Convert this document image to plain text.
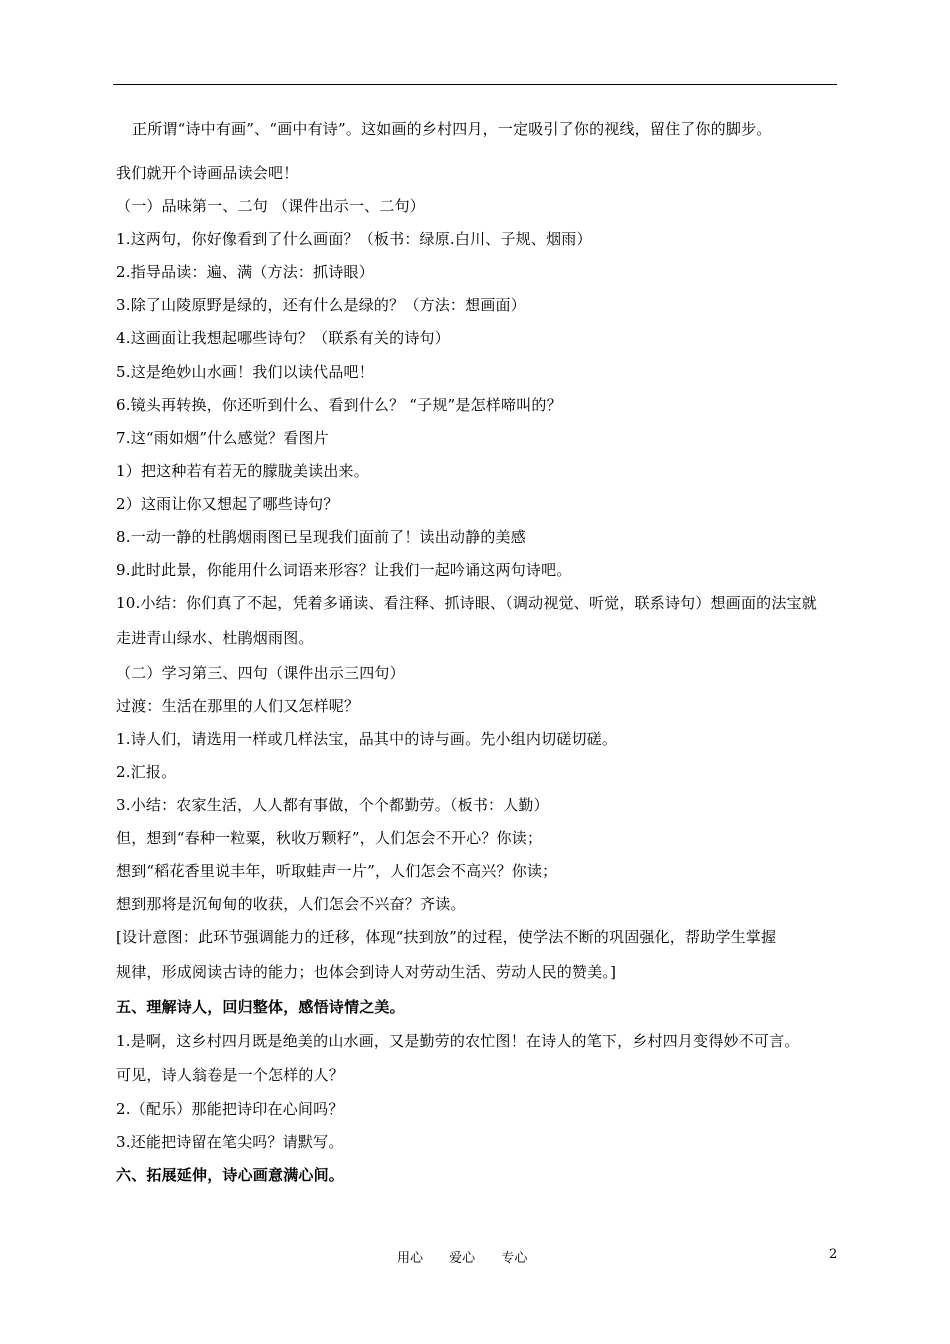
正所谓“诗中有画”、“画中有诗”。这如画的乡村四月，一定吸引了你的视线，留住了你的脚步。
我们就开个诗画品读会吧！
（一）品味第一、二句 （课件出示一、二句）
1.这两句，你好像看到了什么画面？（板书：绿原.白川、子规、烟雨）
2.指导品读：遍、满（方法：抓诗眼）
3.除了山陵原野是绿的，还有什么是绿的？（方法：想画面）
4.这画面让我想起哪些诗句？（联系有关的诗句）
5.这是绝妙山水画！我们以读代品吧！
6.镜头再转换，你还听到什么、看到什么？ “子规”是怎样啼叫的？
7.这“雨如烟”什么感觉？看图片
1）把这种若有若无的朦胧美读出来。
2）这雨让你又想起了哪些诗句？
8.一动一静的杜鹃烟雨图已呈现我们面前了！读出动静的美感
9.此时此景，你能用什么词语来形容？让我们一起吟诵这两句诗吧。
10.小结：你们真了不起，凭着多诵读、看注释、抓诗眼、（调动视觉、听觉，联系诗句）想画面的法宝就
走进青山绿水、杜鹃烟雨图。
（二）学习第三、四句（课件出示三四句）
过渡：生活在那里的人们又怎样呢？
1.诗人们，请选用一样或几样法宝，品其中的诗与画。先小组内切磋切磋。
2.汇报。
3.小结：农家生活，人人都有事做，个个都勤劳。（板书：人勤）
但，想到“春种一粒粟，秋收万颗籽”，人们怎会不开心？你读；
想到“稻花香里说丰年，听取蛙声一片”，人们怎会不高兴？你读；
想到那将是沉甸甸的收获，人们怎会不兴奋？齐读。
[设计意图：此环节强调能力的迁移，体现“扶到放”的过程，使学法不断的巩固强化，帮助学生掌握
规律，形成阅读古诗的能力；也体会到诗人对劳动生活、劳动人民的赞美。]
五、理解诗人，回归整体，感悟诗情之美。
1.是啊，这乡村四月既是绝美的山水画，又是勤劳的农忙图！在诗人的笔下，乡村四月变得妙不可言。
可见，诗人翁卷是一个怎样的人？
2.（配乐）那能把诗印在心间吗？
3.还能把诗留在笔尖吗？请默写。
六、拓展延伸，诗心画意满心间。
用心 爱心 专心	2
